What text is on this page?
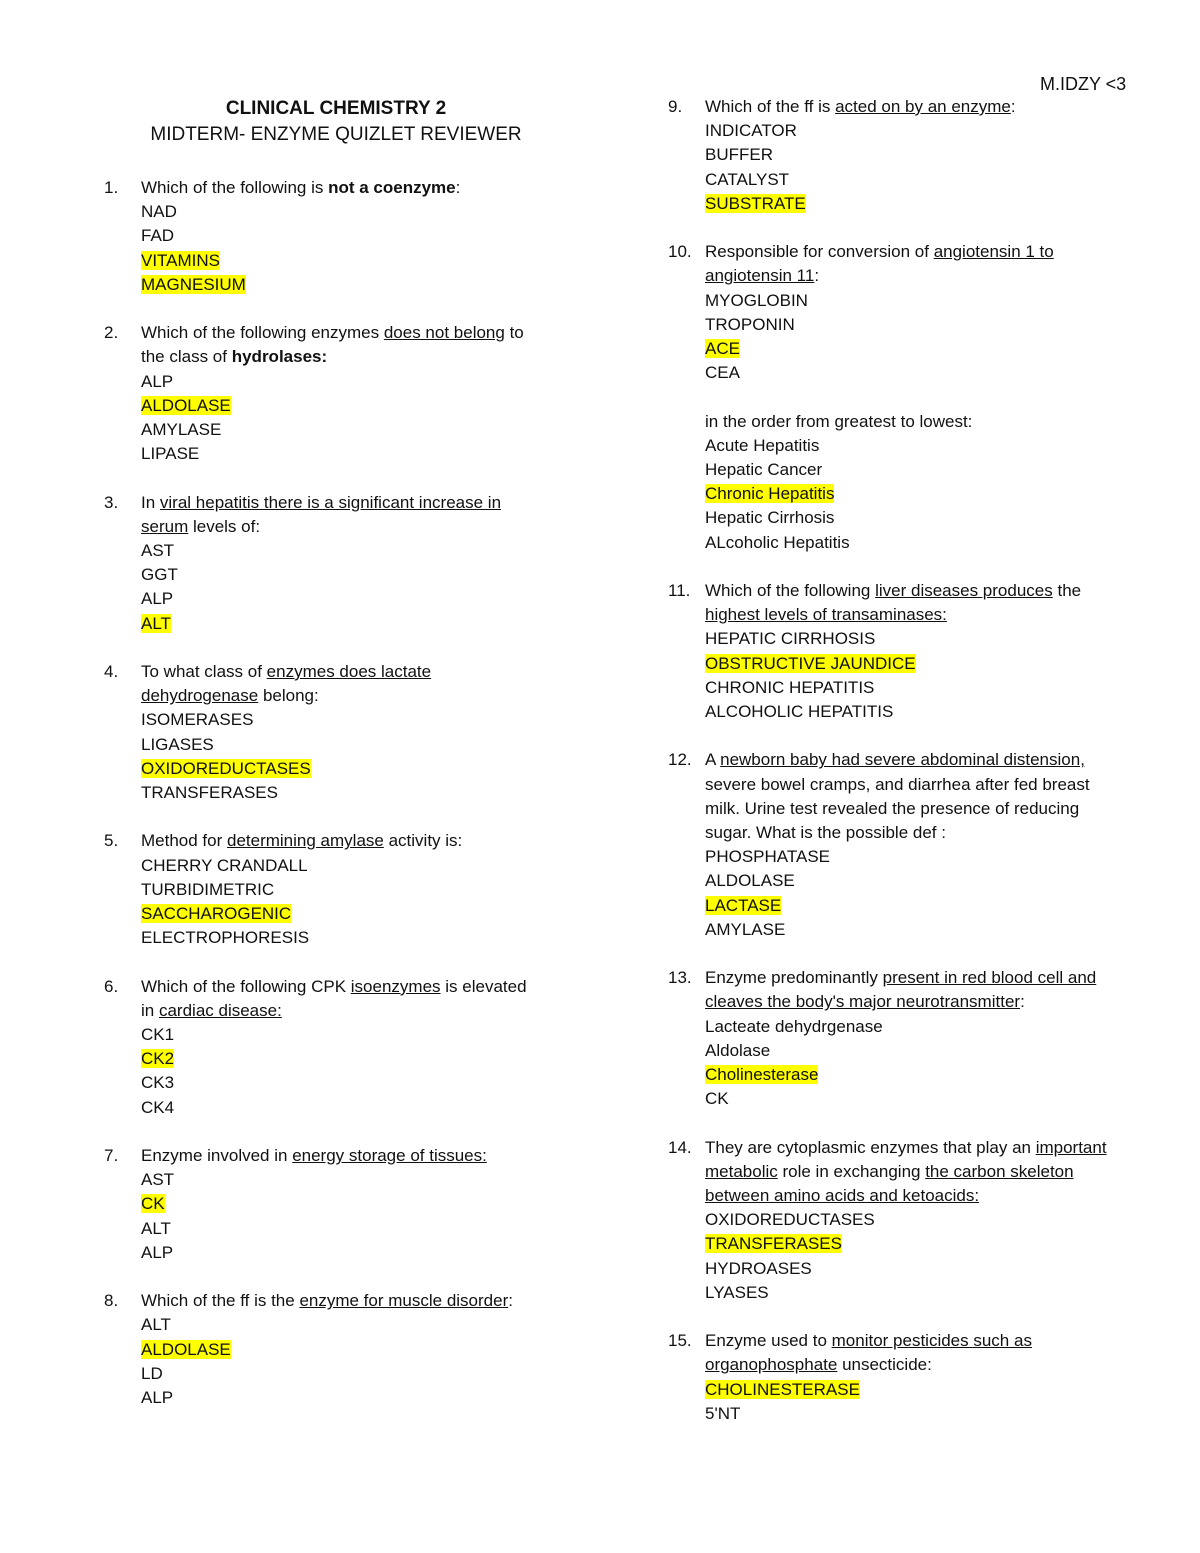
M.IDZY <3
CLINICAL CHEMISTRY 2
MIDTERM- ENZYME QUIZLET REVIEWER
1. Which of the following is not a coenzyme:
NAD
FAD
VITAMINS
MAGNESIUM
2. Which of the following enzymes does not belong to the class of hydrolases:
ALP
ALDOLASE
AMYLASE
LIPASE
3. In viral hepatitis there is a significant increase in serum levels of:
AST
GGT
ALP
ALT
4. To what class of enzymes does lactate dehydrogenase belong:
ISOMERASES
LIGASES
OXIDOREDUCTASES
TRANSFERASES
5. Method for determining amylase activity is:
CHERRY CRANDALL
TURBIDIMETRIC
SACCHAROGENIC
ELECTROPHORESIS
6. Which of the following CPK isoenzymes is elevated in cardiac disease:
CK1
CK2
CK3
CK4
7. Enzyme involved in energy storage of tissues:
AST
CK
ALT
ALP
8. Which of the ff is the enzyme for muscle disorder:
ALT
ALDOLASE
LD
ALP
9. Which of the ff is acted on by an enzyme:
INDICATOR
BUFFER
CATALYST
SUBSTRATE
10. Responsible for conversion of angiotensin 1 to angiotensin 11:
MYOGLOBIN
TROPONIN
ACE
CEA
in the order from greatest to lowest:
Acute Hepatitis
Hepatic Cancer
Chronic Hepatitis
Hepatic Cirrhosis
ALcoholic Hepatitis
11. Which of the following liver diseases produces the highest levels of transaminases:
HEPATIC CIRRHOSIS
OBSTRUCTIVE JAUNDICE
CHRONIC HEPATITIS
ALCOHOLIC HEPATITIS
12. A newborn baby had severe abdominal distension, severe bowel cramps, and diarrhea after fed breast milk. Urine test revealed the presence of reducing sugar. What is the possible def :
PHOSPHATASE
ALDOLASE
LACTASE
AMYLASE
13. Enzyme predominantly present in red blood cell and cleaves the body's major neurotransmitter:
Lacteate dehydrgenase
Aldolase
Cholinesterase
CK
14. They are cytoplasmic enzymes that play an important metabolic role in exchanging the carbon skeleton between amino acids and ketoacids:
OXIDOREDUCTASES
TRANSFERASES
HYDROASES
LYASES
15. Enzyme used to monitor pesticides such as organophosphate unsecticide:
CHOLINESTERASE
5'NT
